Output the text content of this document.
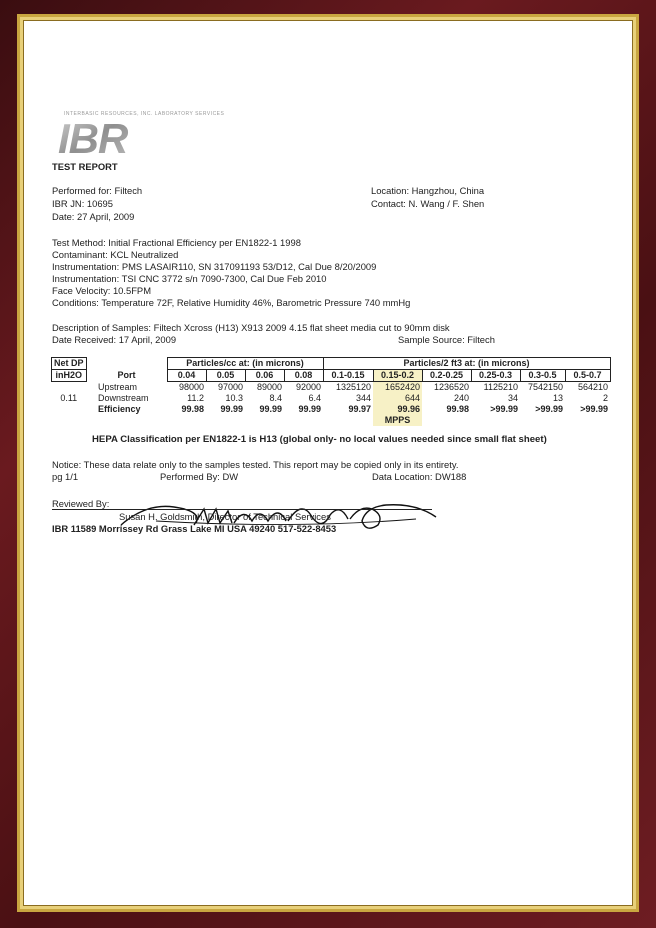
INTERBASIC RESOURCES, INC. LABORATORY SERVICES
IBR
TEST REPORT
Performed for: Filtech
IBR JN: 10695
Date: 27 April, 2009
Location: Hangzhou, China
Contact: N. Wang / F. Shen
Test Method: Initial Fractional Efficiency per EN1822-1 1998
Contaminant: KCL Neutralized
Instrumentation: PMS LASAIR110, SN 317091193 53/D12, Cal Due 8/20/2009
Instrumentation: TSI CNC 3772 s/n 7090-7300, Cal Due Feb 2010
Face Velocity: 10.5FPM
Conditions: Temperature 72F, Relative Humidity 46%, Barometric Pressure 740 mmHg
Description of Samples: Filtech Xcross (H13) X913 2009 4.15 flat sheet media cut to 90mm disk
Date Received: 17 April, 2009	Sample Source: Filtech
Net DP		Particles/cc at: (in microns)				Particles/2 ft3 at: (in microns)					
inH2O	Port	0.04	0.05	0.06	0.08	0.1-0.15	0.15-0.2	0.2-0.25	0.25-0.3	0.3-0.5	0.5-0.7
	Upstream	98000	97000	89000	92000	1325120	1652420	1236520	1125210	7542150	564210
0.11	Downstream	11.2	10.3	8.4	6.4	344	644	240	34	13	2
	Efficiency	99.98	99.99	99.99	99.99	99.97	99.96	99.98	>99.99	>99.99	>99.99
							MPPS				
HEPA Classification per EN1822-1 is H13 (global only- no local values needed since small flat sheet)
Notice: These data relate only to the samples tested. This report may be copied only in its entirety.
pg 1/1	Performed By: DW	Data Location: DW188
Reviewed By:
Susan H. Goldsmith, Director of Technical Services
IBR 11589 Morrissey Rd Grass Lake MI USA 49240 517-522-8453
